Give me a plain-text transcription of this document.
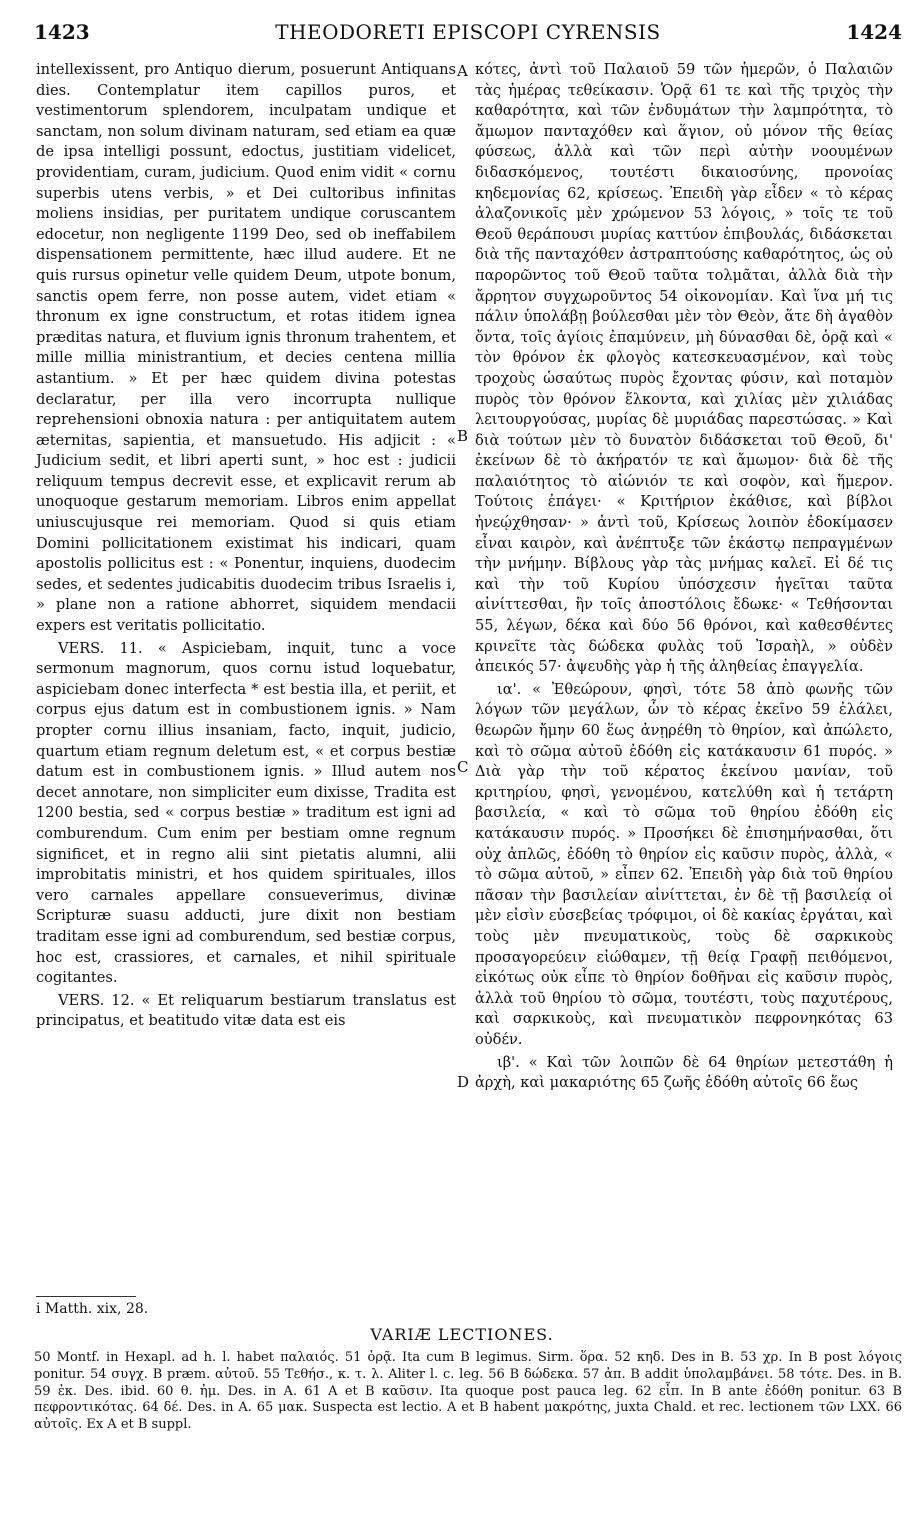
1423	THEODORETI EPISCOPI CYRENSIS	1424

intellexissent, pro Antiquo dierum, posuerunt Antiquans dies. Contemplatur item capillos puros, et vestimentorum splendorem, inculpatam undique et sanctam, non solum divinam naturam, sed etiam ea quæ de ipsa intelligi possunt, edoctus, justitiam videlicet, providentiam, curam, judicium. Quod enim vidit « cornu superbis utens verbis, » et Dei cultoribus infinitas moliens insidias, per puritatem undique coruscantem edocetur, non negligente 1199 Deo, sed ob ineffabilem dispensationem permittente, hæc illud audere. Et ne quis rursus opinetur velle quidem Deum, utpote bonum, sanctis opem ferre, non posse autem, videt etiam « thronum ex igne constructum, et rotas itidem ignea præditas natura, et fluvium ignis thronum trahentem, et mille millia ministrantium, et decies centena millia astantium. » Et per hæc quidem divina potestas declaratur, per illa vero incorrupta nullique reprehensioni obnoxia natura : per antiquitatem autem æternitas, sapientia, et mansuetudo. His adjicit : « Judicium sedit, et libri aperti sunt, » hoc est : judicii reliquum tempus decrevit esse, et explicavit rerum ab unoquoque gestarum memoriam. Libros enim appellat uniuscujusque rei memoriam. Quod si quis etiam Domini pollicitationem existimat his indicari, quam apostolis pollicitus est : « Ponentur, inquiens, duodecim sedes, et sedentes judicabitis duodecim tribus Israelis i, » plane non a ratione abhorret, siquidem mendacii expers est veritatis pollicitatio.

VERS. 11. « Aspiciebam, inquit, tunc a voce sermonum magnorum, quos cornu istud loquebatur, aspiciebam donec interfecta * est bestia illa, et periit, et corpus ejus datum est in combustionem ignis. » Nam propter cornu illius insaniam, facto, inquit, judicio, quartum etiam regnum deletum est, « et corpus bestiæ datum est in combustionem ignis. » Illud autem nos decet annotare, non simpliciter eum dixisse, Tradita est 1200 bestia, sed « corpus bestiæ » traditum est igni ad comburendum. Cum enim per bestiam omne regnum significet, et in regno alii sint pietatis alumni, alii improbitatis ministri, et hos quidem spirituales, illos vero carnales appellare consueverimus, divinæ Scripturæ suasu adducti, jure dixit non bestiam traditam esse igni ad comburendum, sed bestiæ corpus, hoc est, crassiores, et carnales, et nihil spirituale cogitantes.

VERS. 12. « Et reliquarum bestiarum translatus est principatus, et beatitudo vitæ data est eis

κότες, ἀντὶ τοῦ Παλαιοῦ 59 τῶν ἡμερῶν, ὁ Παλαιῶν τὰς ἡμέρας τεθείκασιν. Ὁρᾷ 61 τε καὶ τῆς τριχὸς τὴν καθαρότητα, καὶ τῶν ἐνδυμάτων τὴν λαμπρότητα, τὸ ἄμωμον πανταχόθεν καὶ ἅγιον, οὐ μόνον τῆς θείας φύσεως, ἀλλὰ καὶ τῶν περὶ αὐτὴν νοουμένων διδασκόμενος, τουτέστι δικαιοσύνης, προνοίας κηδεμονίας 62, κρίσεως. Ἐπειδὴ γὰρ εἶδεν « τὸ κέρας ἀλαζονικοῖς μὲν χρώμενον 53 λόγοις, » τοῖς τε τοῦ Θεοῦ θεράπουσι μυρίας καττύον ἐπιβουλάς, διδάσκεται διὰ τῆς πανταχόθεν ἀστραπτούσης καθαρότητος, ὡς οὐ παρορῶντος τοῦ Θεοῦ ταῦτα τολμᾶται, ἀλλὰ διὰ τὴν ἄρρητον συγχωροῦντος 54 οἰκονομίαν. Καὶ ἵνα μή τις πάλιν ὑπολάβῃ βούλεσθαι μὲν τὸν Θεὸν, ἅτε δὴ ἀγαθὸν ὄντα, τοῖς ἁγίοις ἐπαμύνειν, μὴ δύνασθαι δὲ, ὁρᾷ καὶ « τὸν θρόνον ἐκ φλογὸς κατεσκευασμένον, καὶ τοὺς τροχοὺς ὡσαύτως πυρὸς ἔχοντας φύσιν, καὶ ποταμὸν πυρὸς τὸν θρόνον ἕλκοντα, καὶ χιλίας μὲν χιλιάδας λειτουργούσας, μυρίας δὲ μυριάδας παρεστώσας. » Καὶ διὰ τούτων μὲν τὸ δυνατὸν διδάσκεται τοῦ Θεοῦ, δι' ἐκείνων δὲ τὸ ἀκήρατόν τε καὶ ἄμωμον· διὰ δὲ τῆς παλαιότητος τὸ αἰώνιόν τε καὶ σοφὸν, καὶ ἥμερον. Τούτοις ἐπάγει· « Κριτήριον ἐκάθισε, καὶ βίβλοι ἠνεῴχθησαν· » ἀντὶ τοῦ, Κρίσεως λοιπὸν ἐδοκίμασεν εἶναι καιρὸν, καὶ ἀνέπτυξε τῶν ἑκάστῳ πεπραγμένων τὴν μνήμην. Βίβλους γὰρ τὰς μνήμας καλεῖ. Εἰ δέ τις καὶ τὴν τοῦ Κυρίου ὑπόσχεσιν ἡγεῖται ταῦτα αἰνίττεσθαι, ἣν τοῖς ἀποστόλοις ἔδωκε· « Τεθήσονται 55, λέγων, δέκα καὶ δύο 56 θρόνοι, καὶ καθεσθέντες κρινεῖτε τὰς δώδεκα φυλὰς τοῦ Ἰσραὴλ, » οὐδὲν ἀπεικός 57· ἀψευδὴς γὰρ ἡ τῆς ἀληθείας ἐπαγγελία.

ια'. « Ἐθεώρουν, φησὶ, τότε 58 ἀπὸ φωνῆς τῶν λόγων τῶν μεγάλων, ὧν τὸ κέρας ἐκεῖνο 59 ἐλάλει, θεωρῶν ἤμην 60 ἕως ἀνῃρέθη τὸ θηρίον, καὶ ἀπώλετο, καὶ τὸ σῶμα αὐτοῦ ἐδόθη εἰς κατάκαυσιν 61 πυρός. » Διὰ γὰρ τὴν τοῦ κέρατος ἐκείνου μανίαν, τοῦ κριτηρίου, φησὶ, γενομένου, κατελύθη καὶ ἡ τετάρτη βασιλεία, « καὶ τὸ σῶμα τοῦ θηρίου ἐδόθη εἰς κατάκαυσιν πυρός. » Προσήκει δὲ ἐπισημήνασθαι, ὅτι οὐχ ἁπλῶς, ἐδόθη τὸ θηρίον εἰς καῦσιν πυρὸς, ἀλλὰ, « τὸ σῶμα αὐτοῦ, » εἶπεν 62. Ἐπειδὴ γὰρ διὰ τοῦ θηρίου πᾶσαν τὴν βασιλείαν αἰνίττεται, ἐν δὲ τῇ βασιλείᾳ οἱ μὲν εἰσὶν εὐσεβείας τρόφιμοι, οἱ δὲ κακίας ἐργάται, καὶ τοὺς μὲν πνευματικοὺς, τοὺς δὲ σαρκικοὺς προσαγορεύειν εἰώθαμεν, τῇ θείᾳ Γραφῇ πειθόμενοι, εἰκότως οὐκ εἶπε τὸ θηρίον δοθῆναι εἰς καῦσιν πυρὸς, ἀλλὰ τοῦ θηρίου τὸ σῶμα, τουτέστι, τοὺς παχυτέρους, καὶ σαρκικοὺς, καὶ πνευματικὸν πεφρονηκότας 63 οὐδέν.

ιβ'. « Καὶ τῶν λοιπῶν δὲ 64 θηρίων μετεστάθη ἡ ἀρχὴ, καὶ μακαριότης 65 ζωῆς ἐδόθη αὐτοῖς 66 ἕως

A
B
C
D
i Matth. xix, 28.
VARIÆ LECTIONES.
50 Montf. in Hexapl. ad h. l. habet παλαιός. 51 ὁρᾷ. Ita cum B legimus. Sirm. ὅρα. 52 κηδ. Des in B. 53 χρ. In B post λόγοις ponitur. 54 συγχ. B præm. αὐτοῦ. 55 Τεθήσ., κ. τ. λ. Aliter l. c. leg. 56 B δώδεκα. 57 ἀπ. B addit ὑπολαμβάνει. 58 τότε. Des. in B. 59 ἐκ. Des. ibid. 60 θ. ἠμ. Des. in A. 61 A et B καῦσιν. Ita quoque post pauca leg. 62 εἶπ. In B ante ἐδόθη ponitur. 63 B πεφροντικότας. 64 δέ. Des. in A. 65 μακ. Suspecta est lectio. A et B habent μακρότης, juxta Chald. et rec. lectionem τῶν LXX. 66 αὐτοῖς. Ex A et B suppl.
